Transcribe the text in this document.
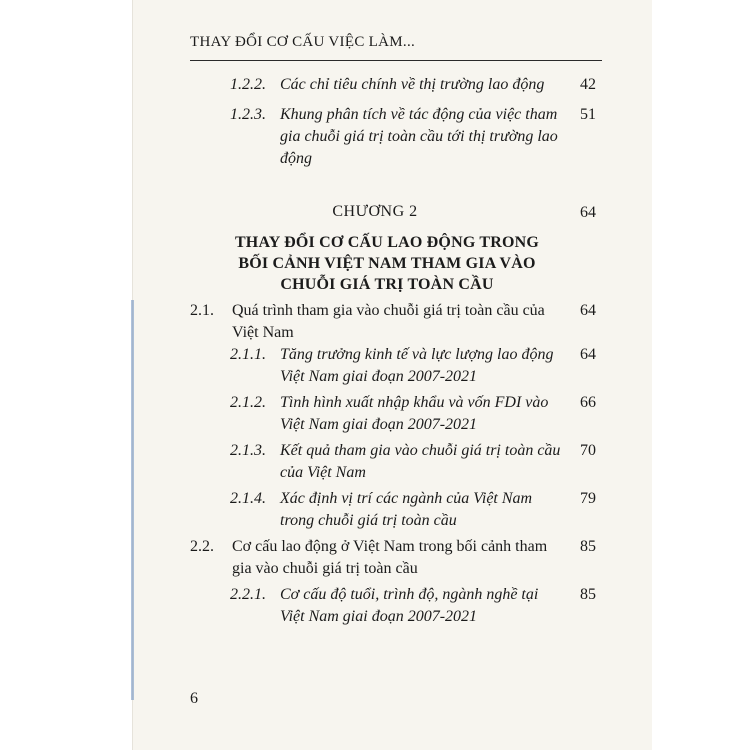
THAY ĐỔI CƠ CẤU VIỆC LÀM...
1.2.2. Các chỉ tiêu chính về thị trường lao động	42
1.2.3. Khung phân tích về tác động của việc tham gia chuỗi giá trị toàn cầu tới thị trường lao động
51
CHƯƠNG 2	64
THAY ĐỔI CƠ CẤU LAO ĐỘNG TRONG BỐI CẢNH VIỆT NAM THAM GIA VÀO CHUỖI GIÁ TRỊ TOÀN CẦU
2.1. Quá trình tham gia vào chuỗi giá trị toàn cầu của Việt Nam
64
2.1.1. Tăng trưởng kinh tế và lực lượng lao động Việt Nam giai đoạn 2007-2021
64
2.1.2. Tình hình xuất nhập khẩu và vốn FDI vào Việt Nam giai đoạn 2007-2021
66
2.1.3. Kết quả tham gia vào chuỗi giá trị toàn cầu của Việt Nam
70
2.1.4. Xác định vị trí các ngành của Việt Nam trong chuỗi giá trị toàn cầu
79
2.2. Cơ cấu lao động ở Việt Nam trong bối cảnh tham gia vào chuỗi giá trị toàn cầu
85
2.2.1. Cơ cấu độ tuổi, trình độ, ngành nghề tại Việt Nam giai đoạn 2007-2021
85
6
